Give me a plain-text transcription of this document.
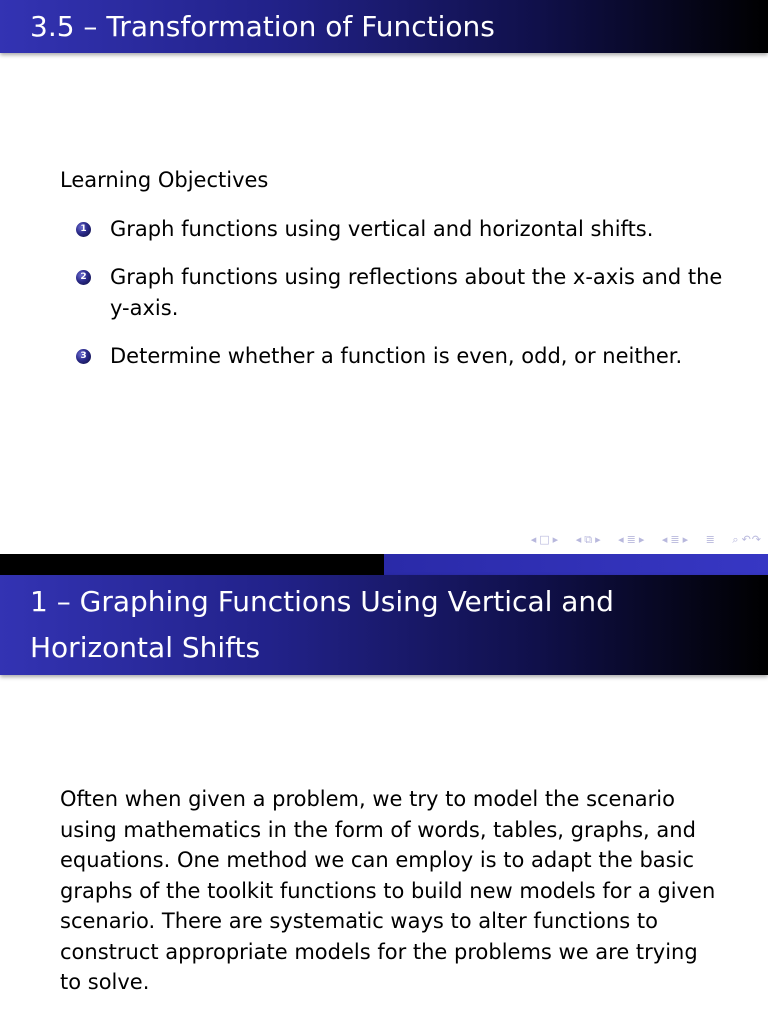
3.5 – Transformation of Functions
Learning Objectives
1 Graph functions using vertical and horizontal shifts.
2 Graph functions using reflections about the x-axis and the y-axis.
3 Determine whether a function is even, odd, or neither.
◂ □ ▸ ◂ ⧉ ▸ ◂ ≣ ▸ ◂ ≣ ▸ ≣ ⌕ ↶↷
1 – Graphing Functions Using Vertical and
Horizontal Shifts

Often when given a problem, we try to model the scenario using mathematics in the form of words, tables, graphs, and equations. One method we can employ is to adapt the basic graphs of the toolkit functions to build new models for a given scenario. There are systematic ways to alter functions to construct appropriate models for the problems we are trying to solve.
